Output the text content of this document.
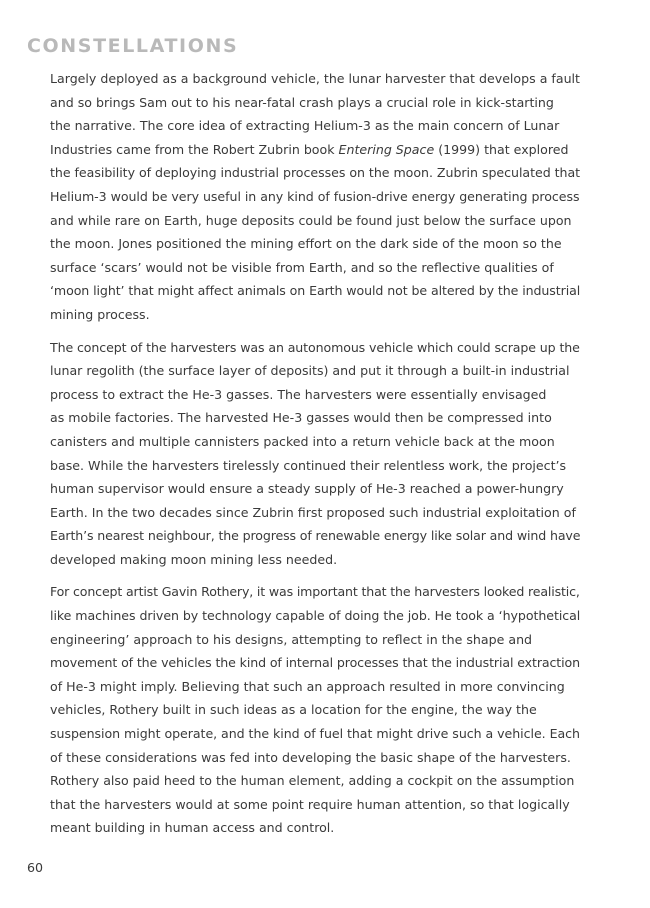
CONSTELLATIONS

Largely deployed as a background vehicle, the lunar harvester that develops a fault
and so brings Sam out to his near-fatal crash plays a crucial role in kick-starting
the narrative. The core idea of extracting Helium-3 as the main concern of Lunar
Industries came from the Robert Zubrin book Entering Space (1999) that explored
the feasibility of deploying industrial processes on the moon. Zubrin speculated that
Helium-3 would be very useful in any kind of fusion-drive energy generating process
and while rare on Earth, huge deposits could be found just below the surface upon
the moon. Jones positioned the mining effort on the dark side of the moon so the
surface ‘scars’ would not be visible from Earth, and so the reflective qualities of
‘moon light’ that might affect animals on Earth would not be altered by the industrial
mining process.

The concept of the harvesters was an autonomous vehicle which could scrape up the
lunar regolith (the surface layer of deposits) and put it through a built-in industrial
process to extract the He-3 gasses. The harvesters were essentially envisaged
as mobile factories. The harvested He-3 gasses would then be compressed into
canisters and multiple cannisters packed into a return vehicle back at the moon
base. While the harvesters tirelessly continued their relentless work, the project’s
human supervisor would ensure a steady supply of He-3 reached a power-hungry
Earth. In the two decades since Zubrin first proposed such industrial exploitation of
Earth’s nearest neighbour, the progress of renewable energy like solar and wind have
developed making moon mining less needed.

For concept artist Gavin Rothery, it was important that the harvesters looked realistic,
like machines driven by technology capable of doing the job. He took a ‘hypothetical
engineering’ approach to his designs, attempting to reflect in the shape and
movement of the vehicles the kind of internal processes that the industrial extraction
of He-3 might imply. Believing that such an approach resulted in more convincing
vehicles, Rothery built in such ideas as a location for the engine, the way the
suspension might operate, and the kind of fuel that might drive such a vehicle. Each
of these considerations was fed into developing the basic shape of the harvesters.
Rothery also paid heed to the human element, adding a cockpit on the assumption
that the harvesters would at some point require human attention, so that logically
meant building in human access and control.

60
